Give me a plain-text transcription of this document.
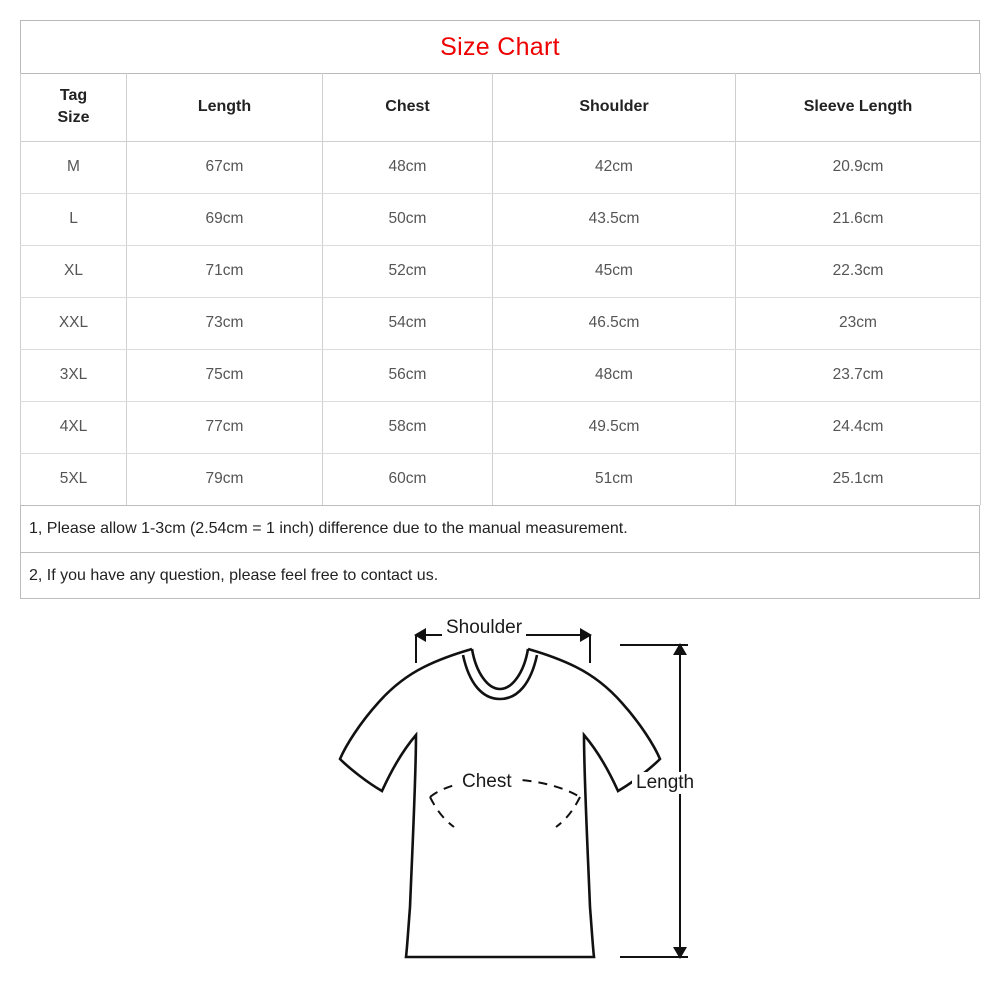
Size Chart
Tag
Size	Length	Chest	Shoulder	Sleeve Length
M	67cm	48cm	42cm	20.9cm
L	69cm	50cm	43.5cm	21.6cm
XL	71cm	52cm	45cm	22.3cm
XXL	73cm	54cm	46.5cm	23cm
3XL	75cm	56cm	48cm	23.7cm
4XL	77cm	58cm	49.5cm	24.4cm
5XL	79cm	60cm	51cm	25.1cm
1, Please allow 1-3cm (2.54cm = 1 inch) difference due to the manual measurement.
2, If you have any question, please feel free to contact us.
Shoulder
Chest	Length
